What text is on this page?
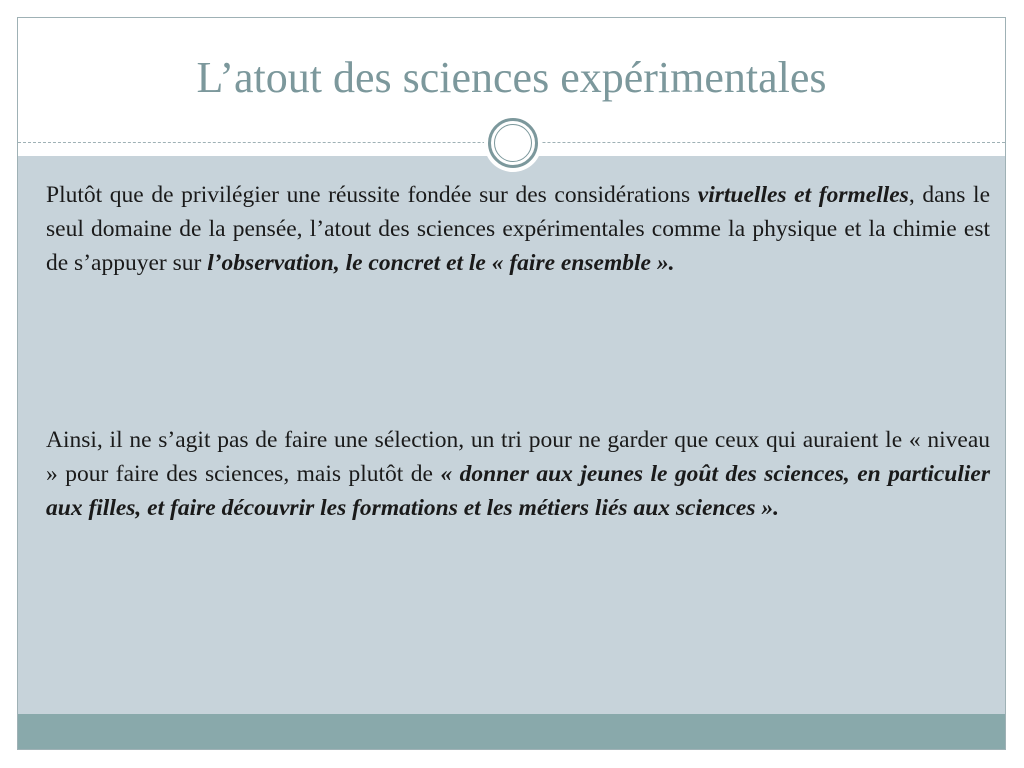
L’atout des sciences expérimentales

Plutôt que de privilégier une réussite fondée sur des considérations virtuelles et formelles, dans le seul domaine de la pensée, l’atout des sciences expérimentales comme la physique et la chimie est de s’appuyer sur l’observation, le concret et le « faire ensemble ».

Ainsi, il ne s’agit pas de faire une sélection, un tri pour ne garder que ceux qui auraient le « niveau » pour faire des sciences, mais plutôt de « donner aux jeunes le goût des sciences, en particulier aux filles, et faire découvrir les formations et les métiers liés aux sciences ».
